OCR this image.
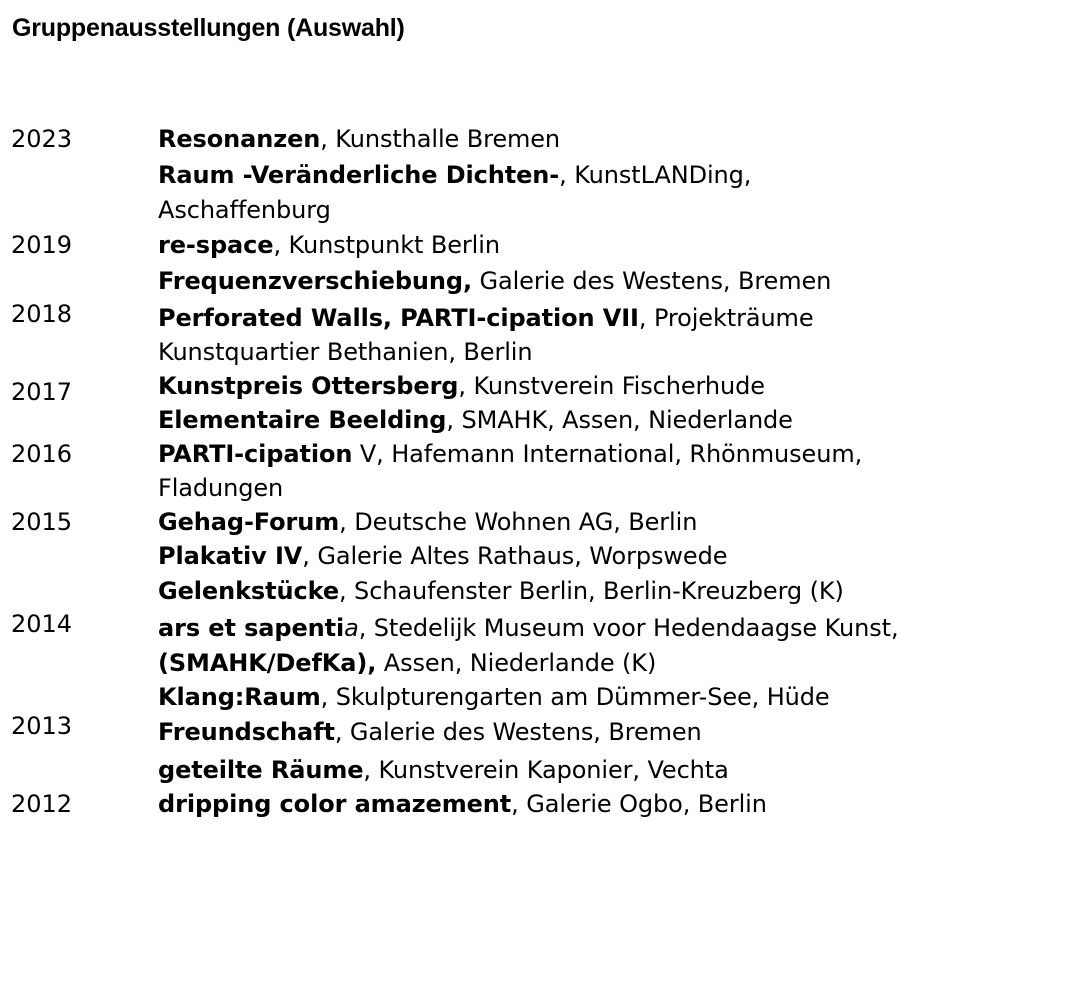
Gruppenausstellungen (Auswahl)
2023
2019
2018
2017
2016
2015
2014
2013
2012
Resonanzen, Kunsthalle Bremen
Raum -Veränderliche Dichten-, KunstLANDing,
Aschaffenburg
re-space, Kunstpunkt Berlin
Frequenzverschiebung, Galerie des Westens, Bremen
Perforated Walls, PARTI-cipation VII, Projekträume
Kunstquartier Bethanien, Berlin
Kunstpreis Ottersberg, Kunstverein Fischerhude
Elementaire Beelding, SMAHK, Assen, Niederlande
PARTI-cipation V, Hafemann International, Rhönmuseum,
Fladungen
Gehag-Forum, Deutsche Wohnen AG, Berlin
Plakativ IV, Galerie Altes Rathaus, Worpswede
Gelenkstücke, Schaufenster Berlin, Berlin-Kreuzberg (K)
ars et sapentia, Stedelijk Museum voor Hedendaagse Kunst,
(SMAHK/DefKa), Assen, Niederlande (K)
Klang:Raum, Skulpturengarten am Dümmer-See, Hüde
Freundschaft, Galerie des Westens, Bremen
geteilte Räume, Kunstverein Kaponier, Vechta
dripping color amazement, Galerie Ogbo, Berlin
